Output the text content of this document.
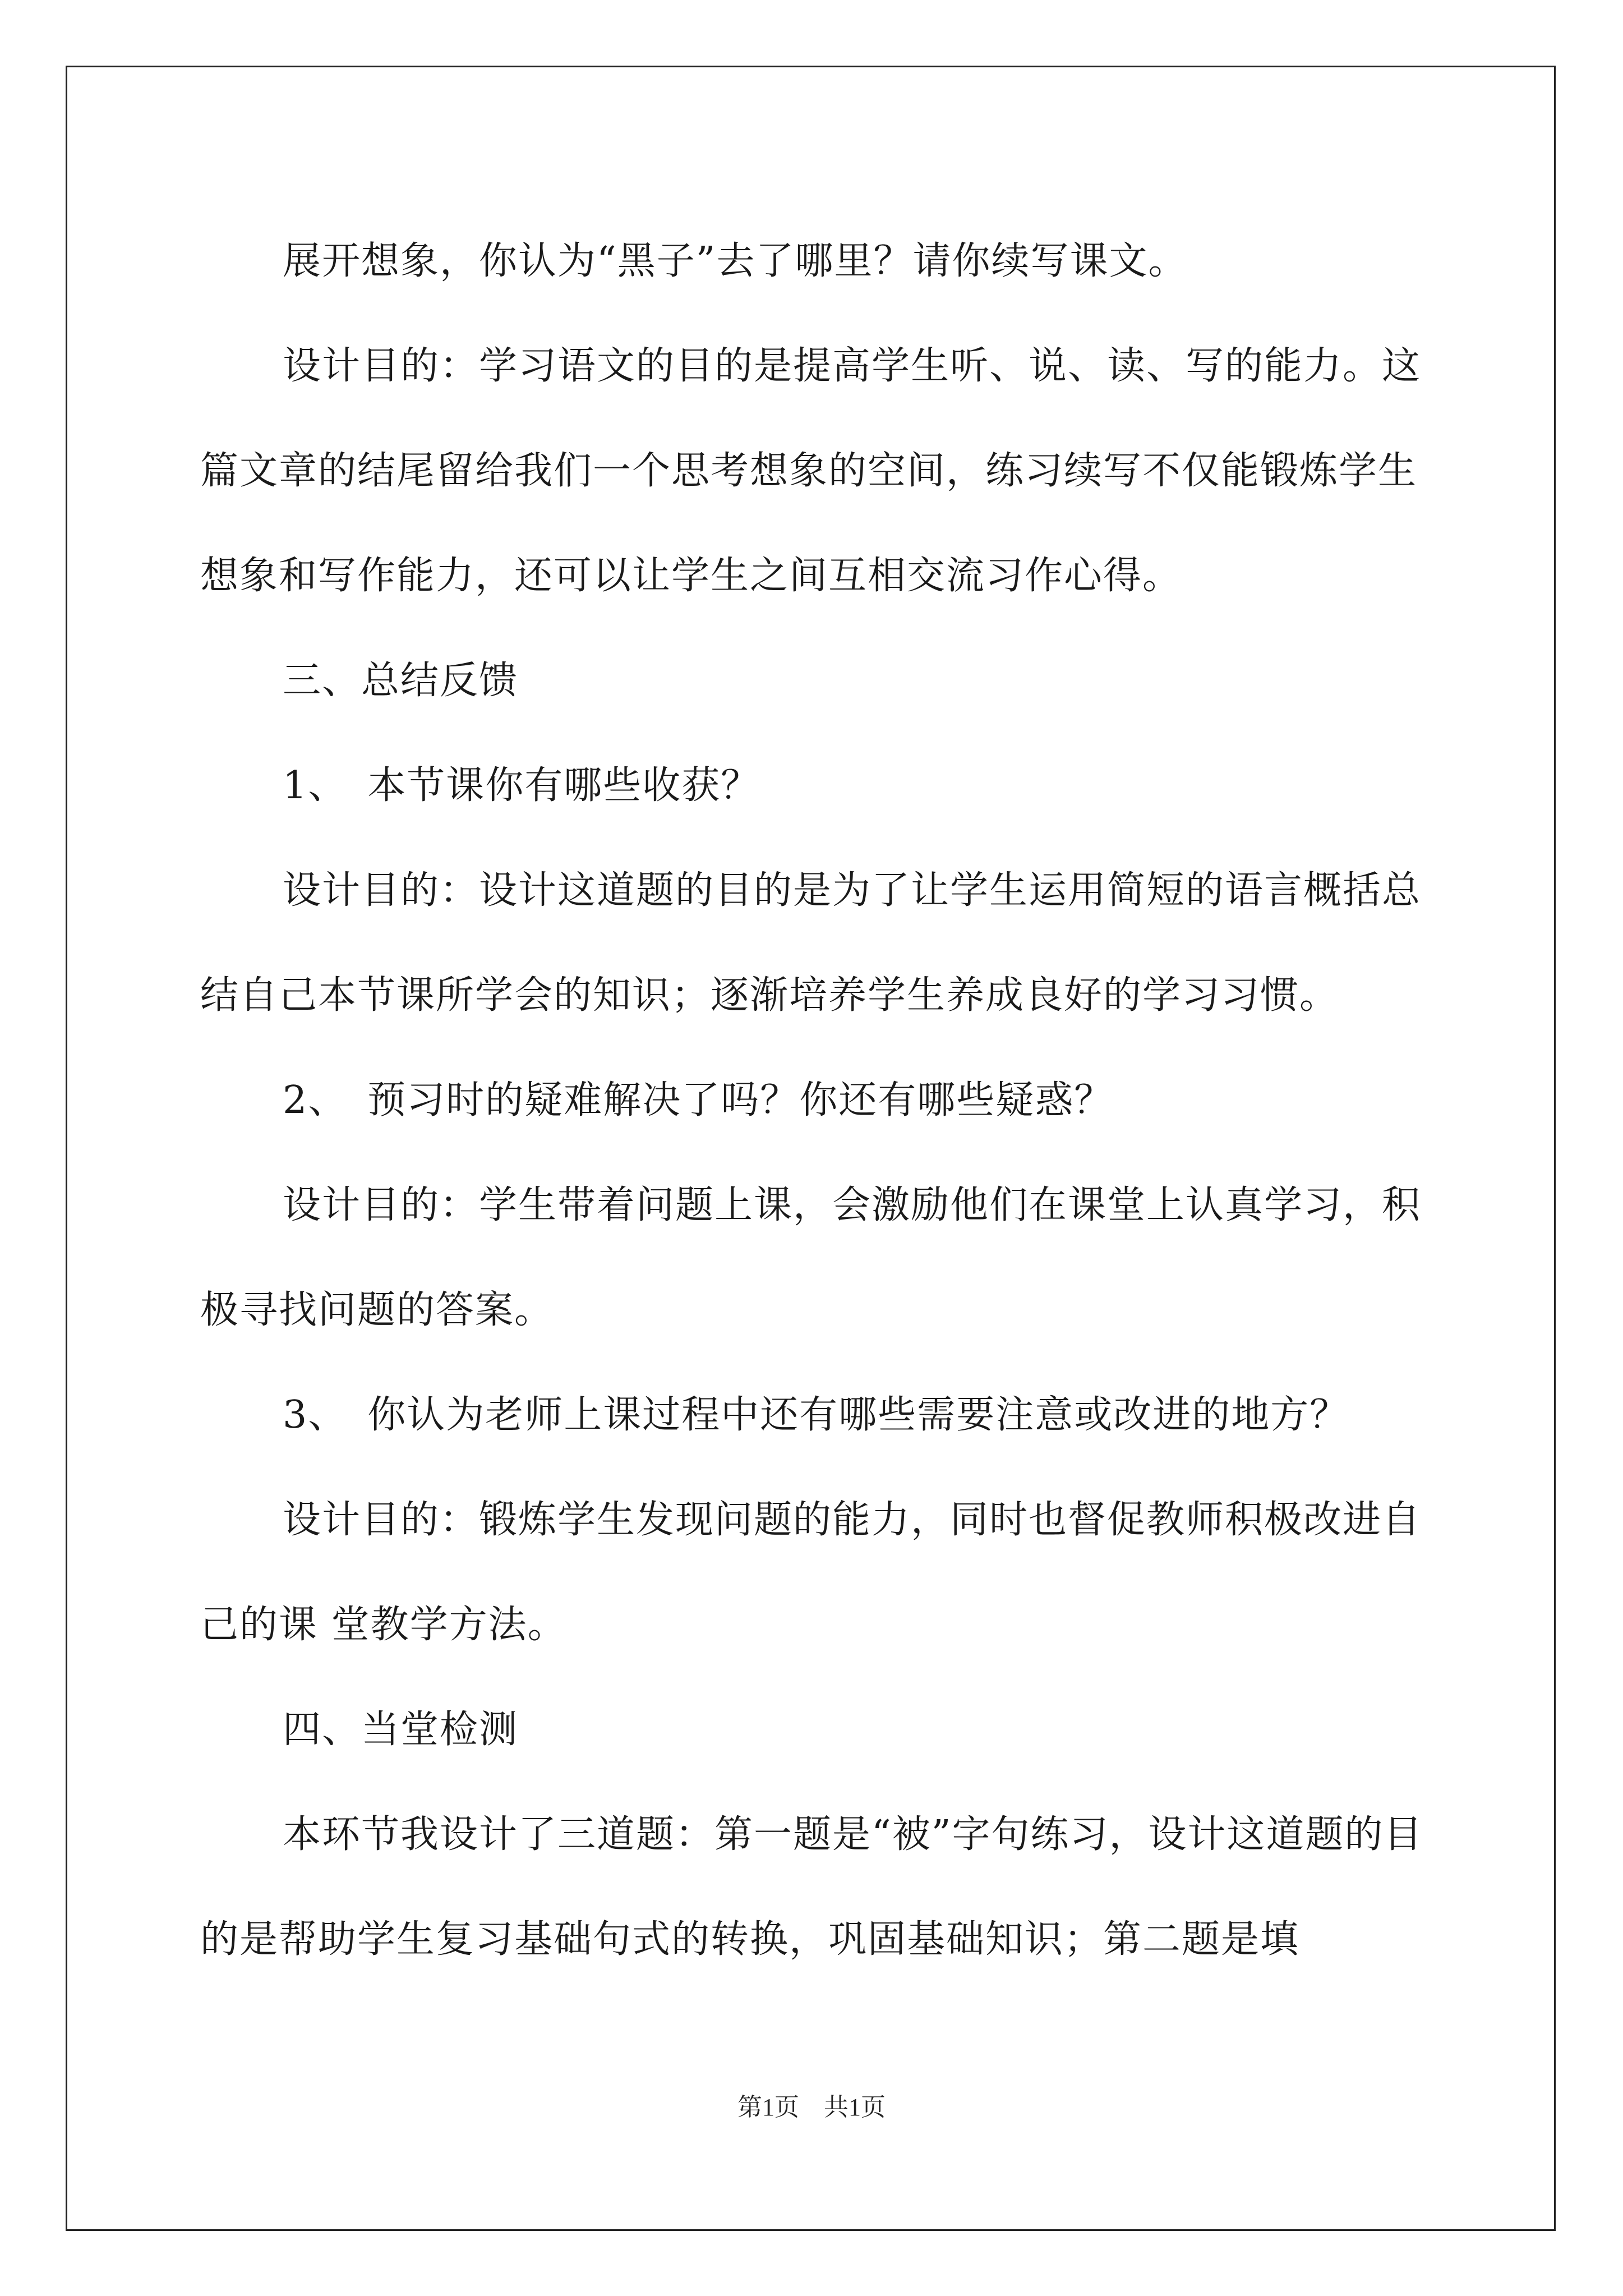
展开想象，你认为“黑子”去了哪里？请你续写课文。

设计目的：学习语文的目的是提高学生听、说、读、写的能力。这篇文章的结尾留给我们一个思考想象的空间，练习续写不仅能锻炼学生想象和写作能力，还可以让学生之间互相交流习作心得。

三、总结反馈

1、　本节课你有哪些收获？

设计目的：设计这道题的目的是为了让学生运用简短的语言概括总结自己本节课所学会的知识；逐渐培养学生养成良好的学习习惯。

2、　预习时的疑难解决了吗？你还有哪些疑惑？

设计目的：学生带着问题上课，会激励他们在课堂上认真学习，积极寻找问题的答案。

3、　你认为老师上课过程中还有哪些需要注意或改进的地方？

设计目的：锻炼学生发现问题的能力，同时也督促教师积极改进自己的课 堂教学方法。

四、当堂检测

本环节我设计了三道题：第一题是“被”字句练习，设计这道题的目的是帮助学生复习基础句式的转换，巩固基础知识；第二题是填

第1页　共1页
